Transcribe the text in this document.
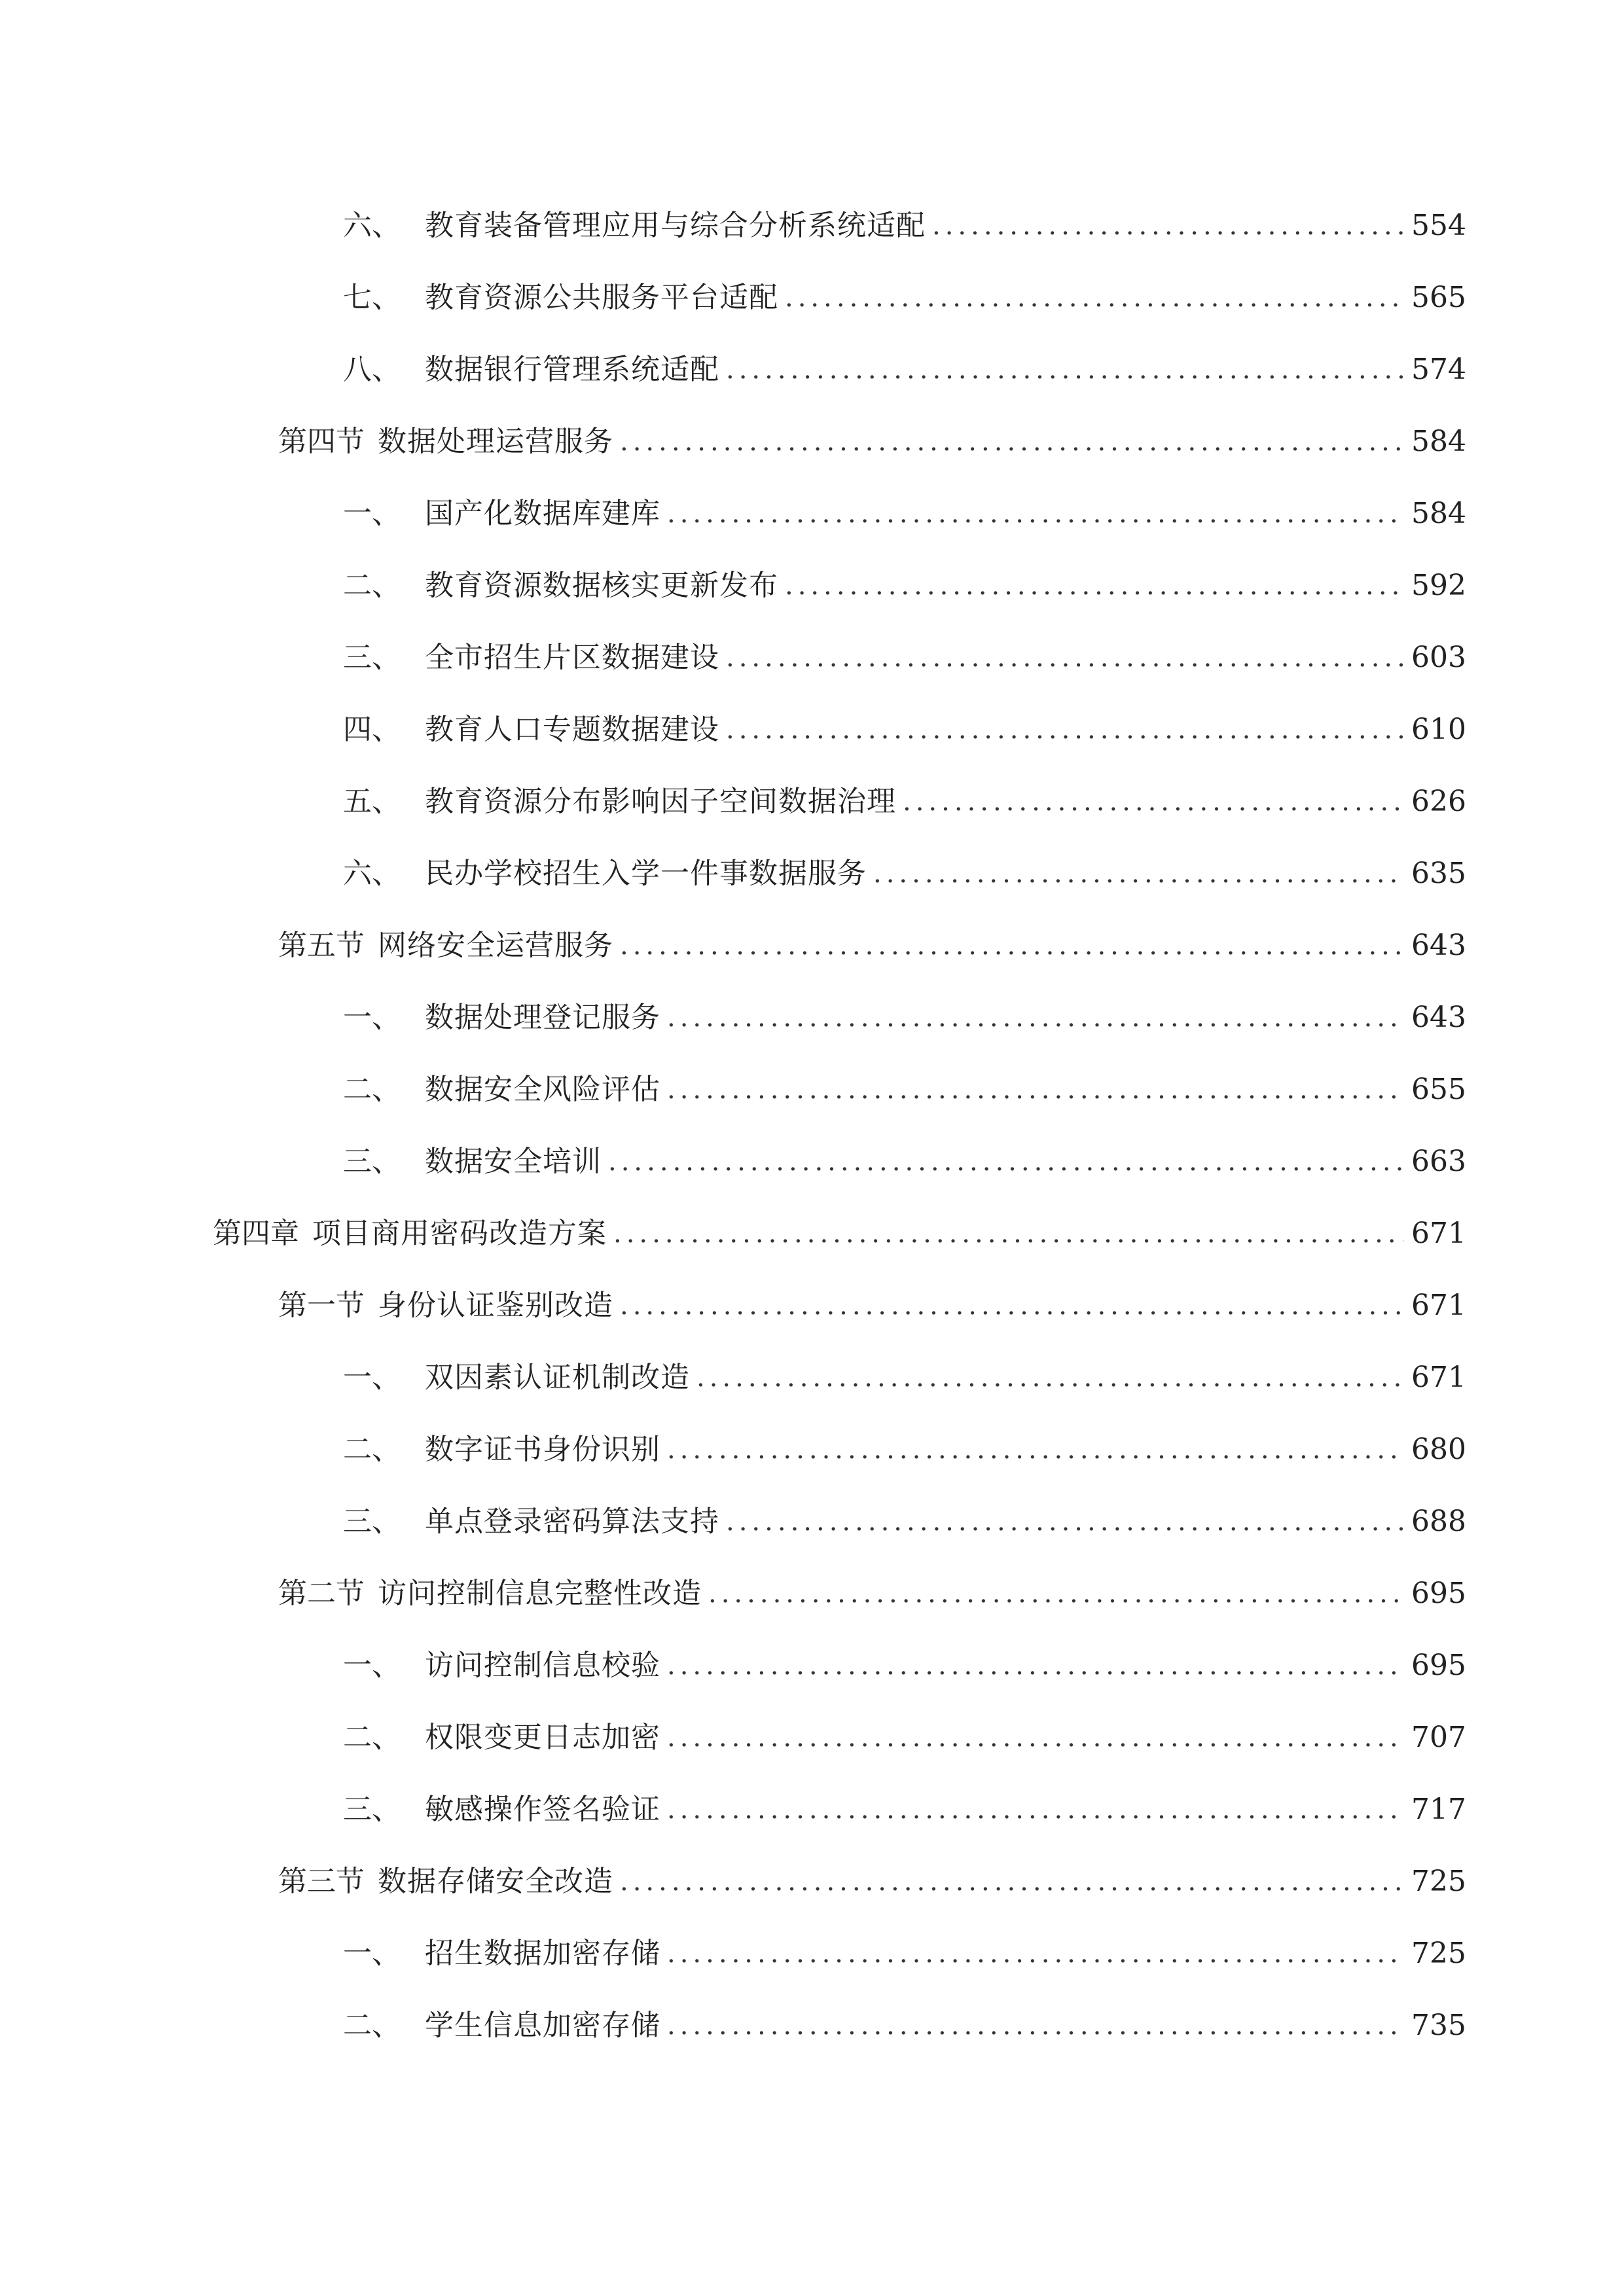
六、 教育装备管理应用与综合分析系统适配 .....	554
七、 教育资源公共服务平台适配 .....	565
八、 数据银行管理系统适配 .....	574
第四节 数据处理运营服务 .....	584
一、 国产化数据库建库 .....	584
二、 教育资源数据核实更新发布 .....	592
三、 全市招生片区数据建设 .....	603
四、 教育人口专题数据建设 .....	610
五、 教育资源分布影响因子空间数据治理 .....	626
六、 民办学校招生入学一件事数据服务 .....	635
第五节 网络安全运营服务 .....	643
一、 数据处理登记服务 .....	643
二、 数据安全风险评估 .....	655
三、 数据安全培训 .....	663
第四章 项目商用密码改造方案 .....	671
第一节 身份认证鉴别改造 .....	671
一、 双因素认证机制改造 .....	671
二、 数字证书身份识别 .....	680
三、 单点登录密码算法支持 .....	688
第二节 访问控制信息完整性改造 .....	695
一、 访问控制信息校验 .....	695
二、 权限变更日志加密 .....	707
三、 敏感操作签名验证 .....	717
第三节 数据存储安全改造 .....	725
一、 招生数据加密存储 .....	725
二、 学生信息加密存储 .....	735
